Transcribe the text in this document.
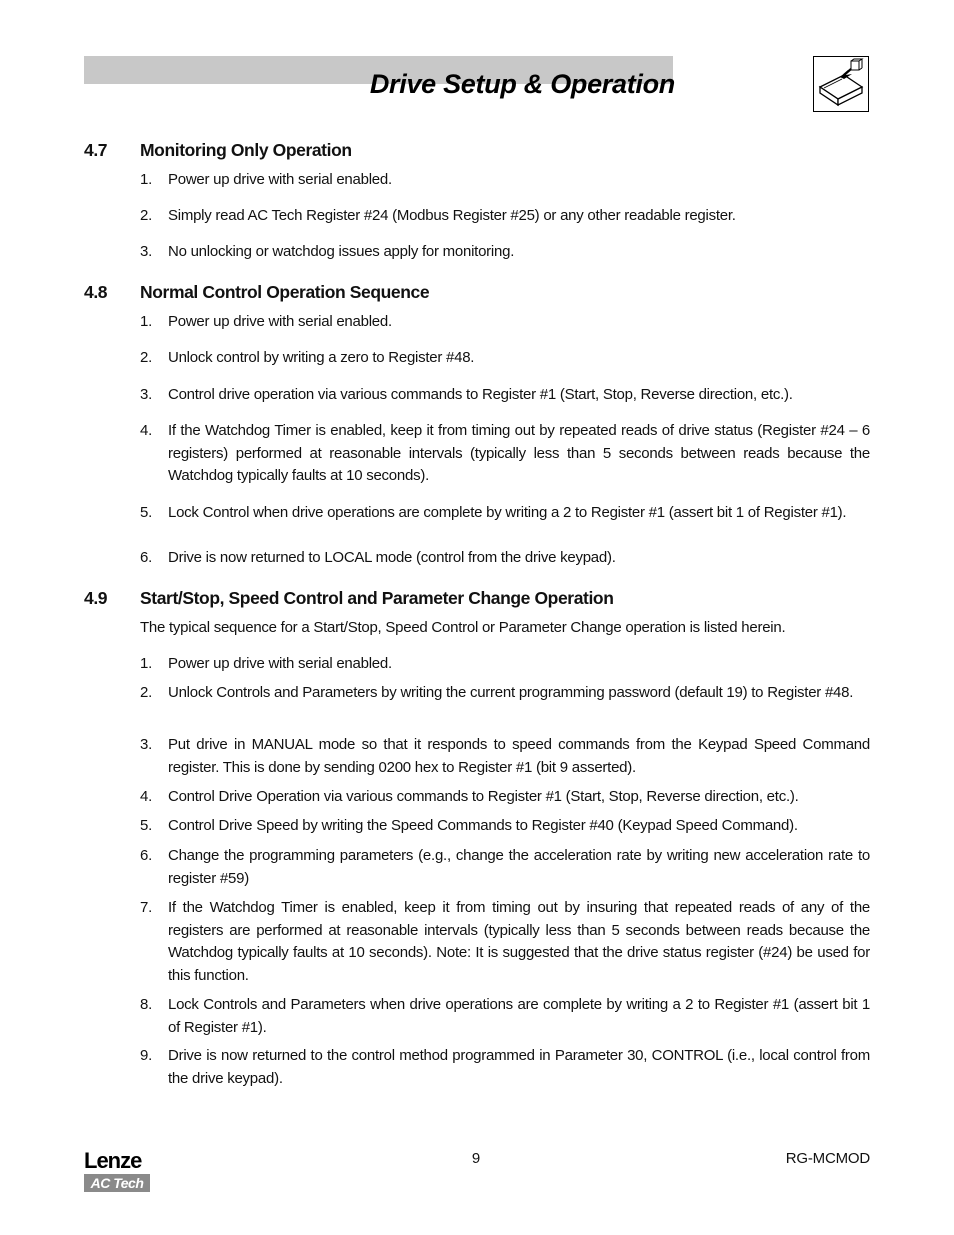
Drive Setup & Operation
4.7 Monitoring Only Operation
1.	Power up drive with serial enabled.
2.	Simply read AC Tech Register #24 (Modbus Register #25) or any other readable register.
3.	No unlocking or watchdog issues apply for monitoring.
4.8 Normal Control Operation Sequence
1.	Power up drive with serial enabled.
2.	Unlock control by writing a zero to Register #48.
3.	Control drive operation via various commands to Register #1 (Start, Stop, Reverse direction, etc.).
4.	If the Watchdog Timer is enabled, keep it from timing out by repeated reads of drive status (Register #24 – 6 registers) performed at reasonable intervals (typically less than 5 seconds between reads because the Watchdog typically faults at 10 seconds).
5.	Lock Control when drive operations are complete by writing a 2 to Register #1 (assert bit 1 of Register #1).
6.	Drive is now returned to LOCAL mode (control from the drive keypad).
4.9 Start/Stop, Speed Control and Parameter Change Operation
The typical sequence for a Start/Stop, Speed Control or Parameter Change operation is listed herein.
1.	Power up drive with serial enabled.
2.	Unlock Controls and Parameters by writing the current programming password (default 19) to Register #48.
3.	Put drive in MANUAL mode so that it responds to speed commands from the Keypad Speed Command register. This is done by sending 0200 hex to Register #1 (bit 9 asserted).
4.	Control Drive Operation via various commands to Register #1 (Start, Stop, Reverse direction, etc.).
5.	Control Drive Speed by writing the Speed Commands to Register #40 (Keypad Speed Command).
6.	Change the programming parameters (e.g., change the acceleration rate by writing new acceleration rate to register #59)
7.	If the Watchdog Timer is enabled, keep it from timing out by insuring that repeated reads of any of the registers are performed at reasonable intervals (typically less than 5 seconds between reads because the Watchdog typically faults at 10 seconds). Note: It is suggested that the drive status register (#24) be used for this function.
8.	Lock Controls and Parameters when drive operations are complete by writing a 2 to Register #1 (assert bit 1 of Register #1).
9.	Drive is now returned to the control method programmed in Parameter 30, CONTROL (i.e., local control from the drive keypad).
Lenze
AC Tech
9	RG-MCMOD
